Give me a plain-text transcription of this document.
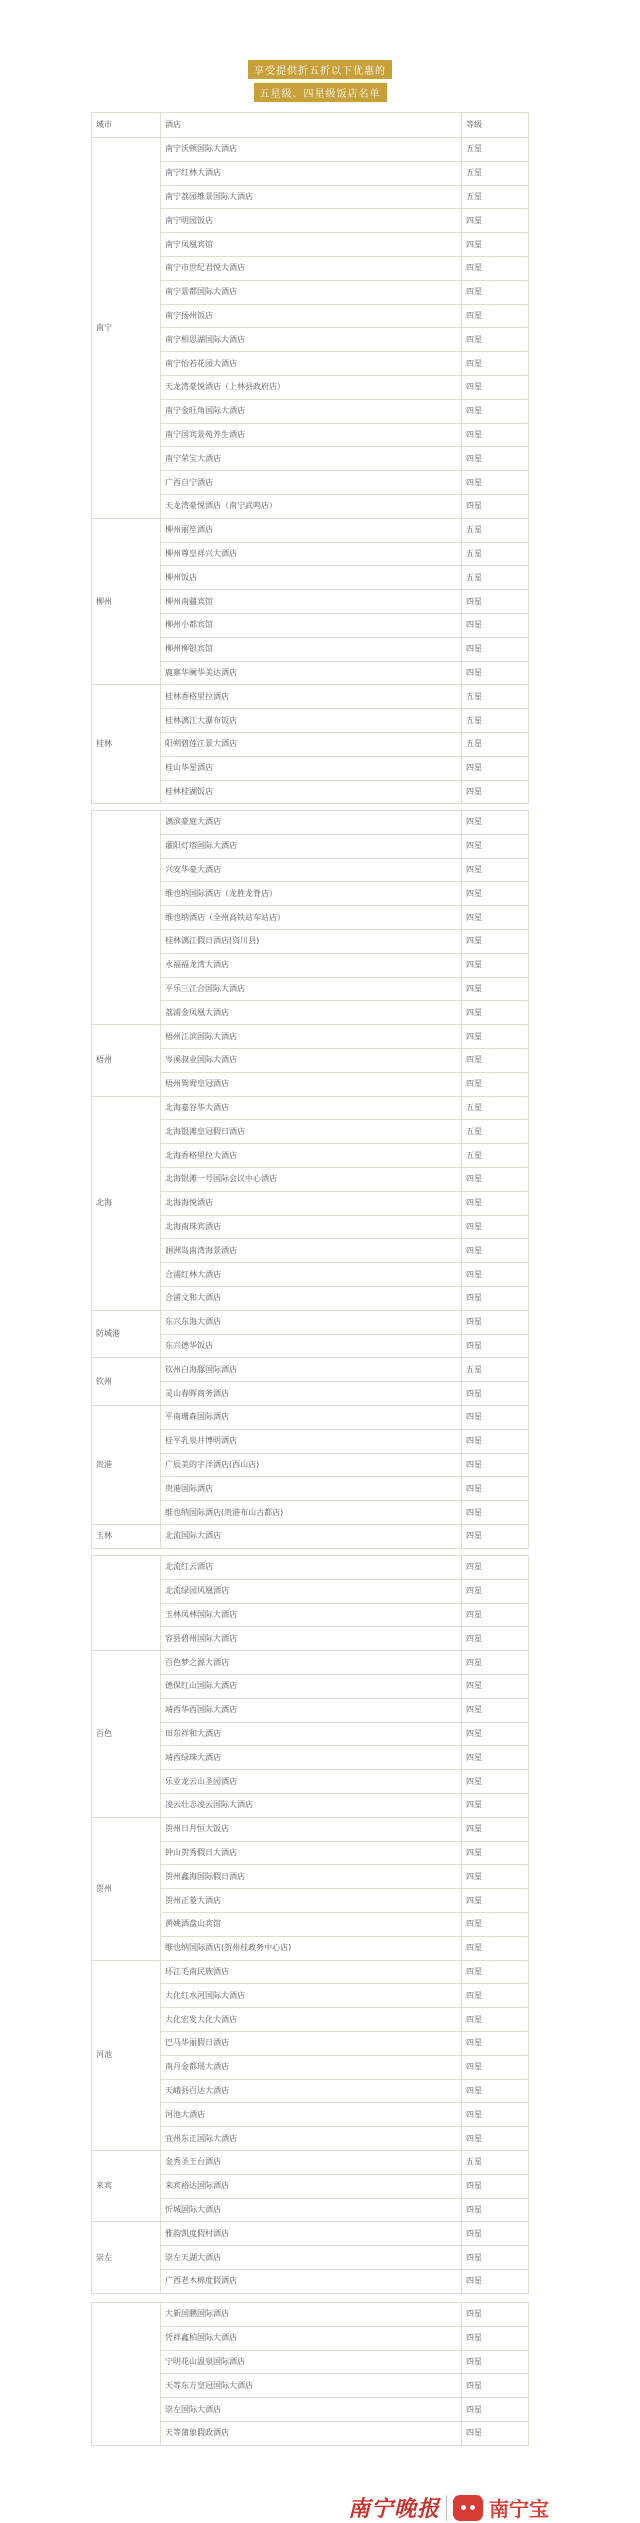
享受提供折五折以下优惠的
五星级、四星级饭店名单
城市	酒店	等级
南宁	南宁沃顿国际大酒店	五星
	南宁红林大酒店	五星
	南宁荔园维景国际大酒店	五星
	南宁明园饭店	四星
	南宁凤凰宾馆	四星
	南宁市世纪君悦大酒店	四星
	南宁景都国际大酒店	四星
	南宁扬州饭店	四星
	南宁相思湖国际大酒店	四星
	南宁怡若花园大酒店	四星
	天龙湾豪悦酒店（上林县政府店）	四星
	南宁金旺角国际大酒店	四星
	南宁国宾景苑养生酒店	四星
	南宁荣宝大酒店	四星
	广西自宁酒店	四星
	天龙湾豪悦酒店（南宁武鸣店）	四星
柳州	柳州丽笙酒店	五星
	柳州尊皇祥兴大酒店	五星
	柳州饭店	五星
	柳州南疆宾馆	四星
	柳州小都宾馆	四星
	柳州柳银宾馆	四星
	鹿寨华阑华美达酒店	四星
桂林	桂林香格里拉酒店	五星
	桂林漓江大瀑布饭店	五星
	阳朔碧莲江景大酒店	五星
	桂山华星酒店	四星
	桂林桂湖饭店	四星
	漓滨豪庭大酒店	四星
	灌阳灯塔国际大酒店	四星
	兴安华豪大酒店	四星
	维也纳国际酒店（龙胜龙脊店）	四星
	维也纳酒店（全州高铁站车站店）	四星
	桂林漓江假日酒店(资川县)	四星
	永福福龙湾大酒店	四星
	平乐三江合国际大酒店	四星
	荔浦金凤凰大酒店	四星
梧州	梧州江滨国际大酒店	四星
	岑溪叔业国际大酒店	四星
	梧州鸳鸯皇冠酒店	四星
北海	北海嘉谷华大酒店	五星
	北海银滩皇冠假日酒店	五星
	北海香格里拉大酒店	五星
	北海银滩一号国际会议中心酒店	四星
	北海海悦酒店	四星
	北海南珠宾酒店	四星
	涠洲岛南湾海景酒店	四星
	合浦红林大酒店	四星
	合浦文和大酒店	四星
防城港	东兴东海大酒店	四星
	东兴德华饭店	四星
钦州	钦州白海豚国际酒店	五星
	灵山春晖商务酒店	四星
贵港	平南珊森国际酒店	四星
	桂平乳泉井博明酒店	四星
	广辰美的宇洋酒店(西山店)	四星
	贵港国际酒店	四星
	维也纳国际酒店(贵港布山古都店)	四星
玉林	北流国际大酒店	四星
	北流红云酒店	四星
	北流绿园风凰酒店	四星
	玉林凤林国际大酒店	四星
	容县碧州国际大酒店	四星
百色	百色梦之源大酒店	四星
	德保红山国际大酒店	四星
	靖西华西国际大酒店	四星
	田东祥和大酒店	四星
	靖西绿珠大酒店	四星
	乐业龙云山圣园酒店	四星
	凌云壮志凌云国际大酒店	四星
贺州	贺州日月恒大饭店	四星
	钟山贺秀假日大酒店	四星
	贺州鑫海国际假日酒店	四星
	贺州正菱大酒店	四星
	黄姚酒盘山宾馆	四星
	维也纳国际酒店(贺州桂政务中心店)	四星
河池	环江毛南民族酒店	四星
	大化红水河国际大酒店	四星
	大化宏发大化大酒店	四星
	巴马华丽假日酒店	四星
	南丹金都瑶大酒店	四星
	天峨县百达大酒店	四星
	河池大酒店	四星
	宜州东正国际大酒店	四星
来宾	金秀圣王台酒店	五星
	来宾裕达国际酒店	四星
	忻城国际大酒店	四星
崇左	雅韵凯度假村酒店	四星
	崇左天湖大酒店	四星
	广西老木棉度假酒店	四星
	大新国鹏国际酒店	四星
	凭祥鑫柏国际大酒店	四星
	宁明花山温泉国际酒店	四星
	天等东方皇冠国际大酒店	四星
	崇左国际大酒店	四星
	天等蒲象假政酒店	四星
南宁晚报 南宁宝
